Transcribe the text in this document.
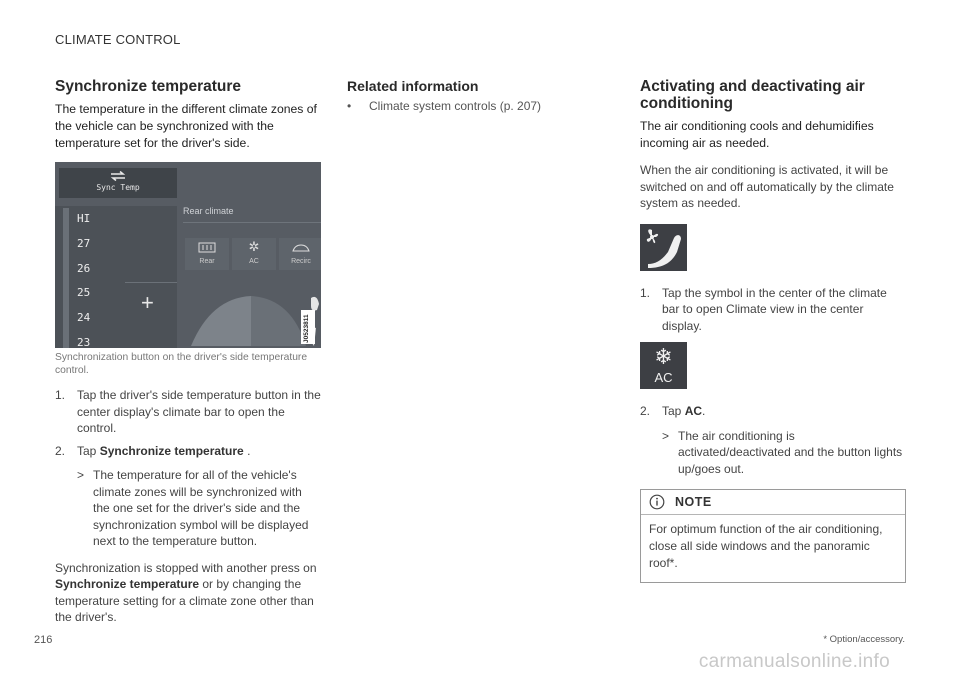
CLIMATE CONTROL
Synchronize temperature

The temperature in the different climate zones of the vehicle can be synchronized with the temperature set for the driver's side.

Sync Temp
HI
27
26
25
24
23
+
Rear climate
Rear
✲
AC	Recirc
J0523811
Synchronization button on the driver's side temperature control.
1. Tap the driver's side temperature button in the center display's climate bar to open the control.
2. Tap Synchronize temperature .
> The temperature for all of the vehicle's climate zones will be synchronized with the one set for the driver's side and the synchronization symbol will be displayed next to the temperature button.

Synchronization is stopped with another press on Synchronize temperature or by changing the temperature setting for a climate zone other than the driver's.

Related information
•	Climate system controls (p. 207)
Activating and deactivating air conditioning

The air conditioning cools and dehumidifies incoming air as needed.

When the air conditioning is activated, it will be switched on and off automatically by the climate system as needed.

1. Tap the symbol in the center of the climate bar to open Climate view in the center display.
❄
AC
2. Tap AC.
> The air conditioning is activated/deactivated and the button lights up/goes out.
NOTE
For optimum function of the air conditioning, close all side windows and the panoramic roof*.
216	* Option/accessory.
carmanualsonline.info
